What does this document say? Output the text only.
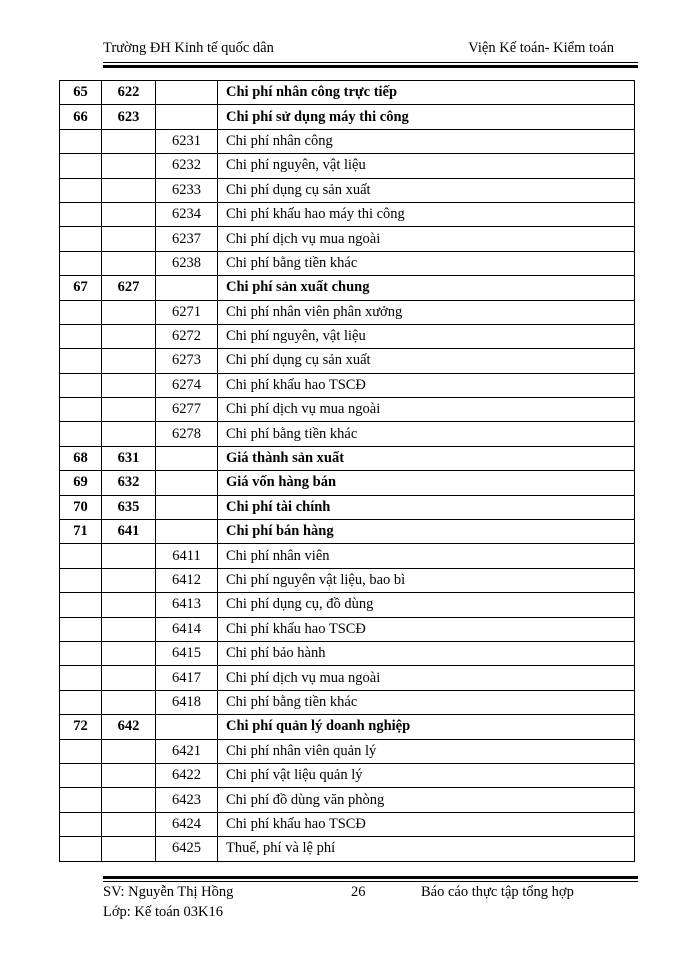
Trường ĐH Kinh tế quốc dân	Viện Kế toán- Kiểm toán
65	622		Chi phí nhân công trực tiếp
66	623		Chi phí sử dụng máy thi công
		6231	Chi phí nhân công
		6232	Chi phí nguyên, vật liệu
		6233	Chi phí dụng cụ sản xuất
		6234	Chi phí khấu hao máy thi công
		6237	Chi phí dịch vụ mua ngoài
		6238	Chi phí bằng tiền khác
67	627		Chi phí sản xuất chung
		6271	Chi phí nhân viên phân xưởng
		6272	Chi phí nguyên, vật liệu
		6273	Chi phí dụng cụ sản xuất
		6274	Chi phí khấu hao TSCĐ
		6277	Chi phí dịch vụ mua ngoài
		6278	Chi phí bằng tiền khác
68	631		Giá thành sản xuất
69	632		Giá vốn hàng bán
70	635		Chi phí tài chính
71	641		Chi phí bán hàng
		6411	Chi phí nhân viên
		6412	Chi phí nguyên vật liệu, bao bì
		6413	Chi phí dụng cụ, đồ dùng
		6414	Chi phí khấu hao TSCĐ
		6415	Chi phí bảo hành
		6417	Chi phí dịch vụ mua ngoài
		6418	Chi phí bằng tiền khác
72	642		Chi phí quản lý doanh nghiệp
		6421	Chi phí nhân viên quản lý
		6422	Chi phí vật liệu quản lý
		6423	Chi phí đồ dùng văn phòng
		6424	Chi phí khấu hao TSCĐ
		6425	Thuế, phí và lệ phí
SV: Nguyễn Thị Hồng	26	Báo cáo thực tập tổng hợp
Lớp: Kế toán 03K16
